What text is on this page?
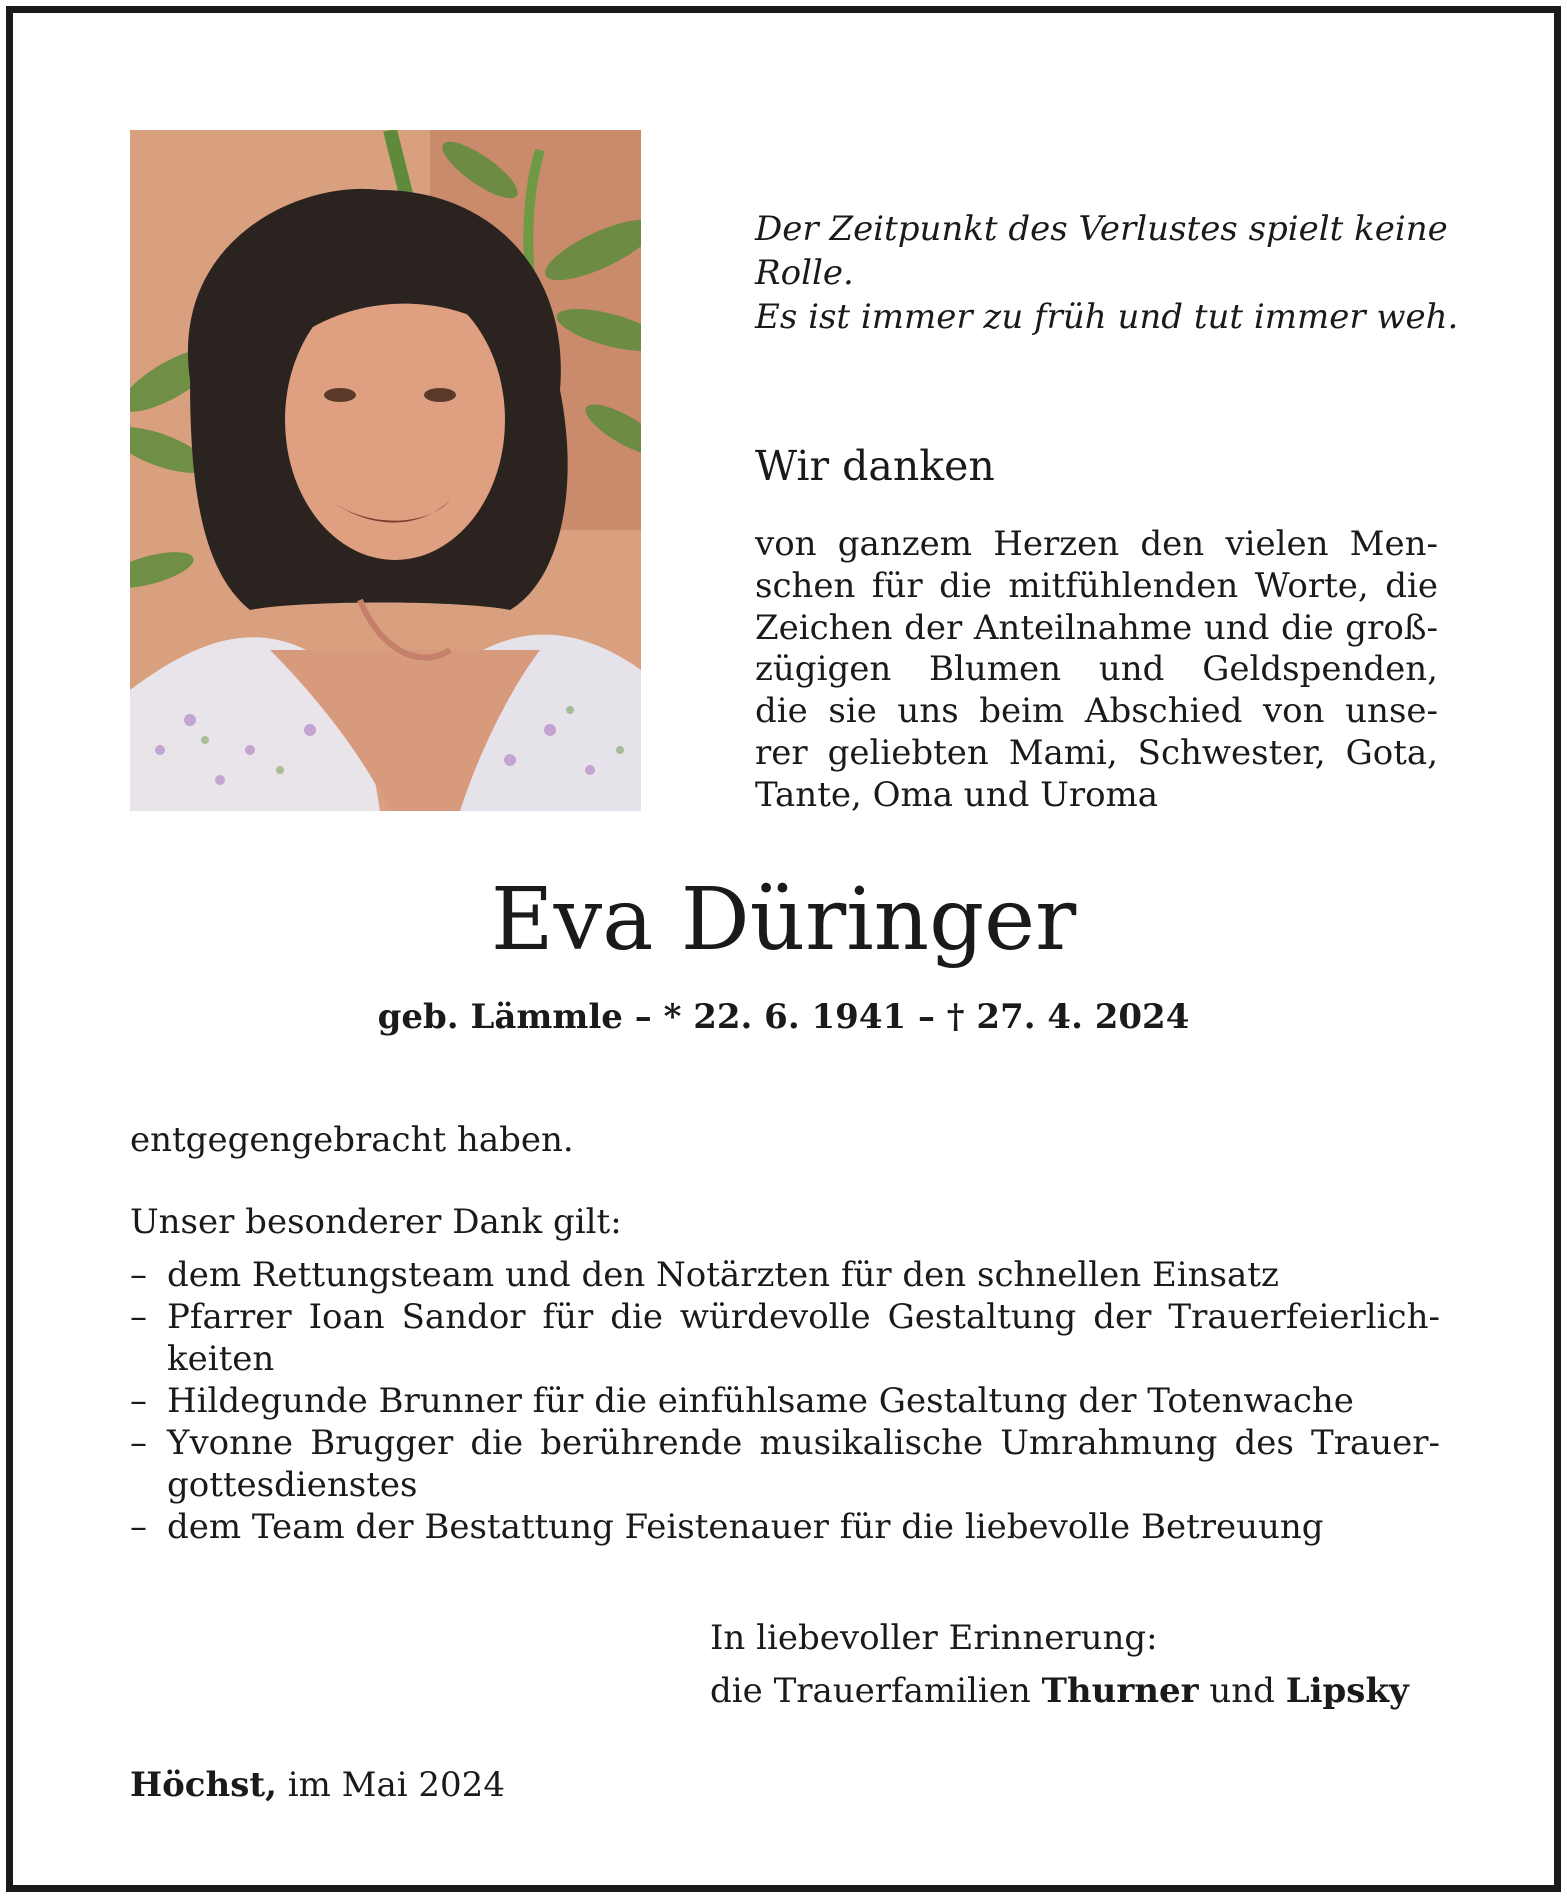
Der Zeitpunkt des Verlustes spielt keine Rolle.
Es ist immer zu früh und tut immer weh.
Wir danken
von ganzem Herzen den vielen Men-
schen für die mitfühlenden Worte, die
Zeichen der Anteilnahme und die groß-
zügigen Blumen und Geldspenden,
die sie uns beim Abschied von unse-
rer geliebten Mami, Schwester, Gota,
Tante, Oma und Uroma
Eva Düringer
geb. Lämmle – * 22. 6. 1941 – † 27. 4. 2024
entgegengebracht haben.
Unser besonderer Dank gilt:
– dem Rettungsteam und den Notärzten für den schnellen Einsatz
– Pfarrer Ioan Sandor für die würdevolle Gestaltung der Trauerfeierlich-
keiten
– Hildegunde Brunner für die einfühlsame Gestaltung der Totenwache
– Yvonne Brugger die berührende musikalische Umrahmung des Trauer-
gottesdienstes
– dem Team der Bestattung Feistenauer für die liebevolle Betreuung
In liebevoller Erinnerung:
die Trauerfamilien Thurner und Lipsky
Höchst, im Mai 2024
